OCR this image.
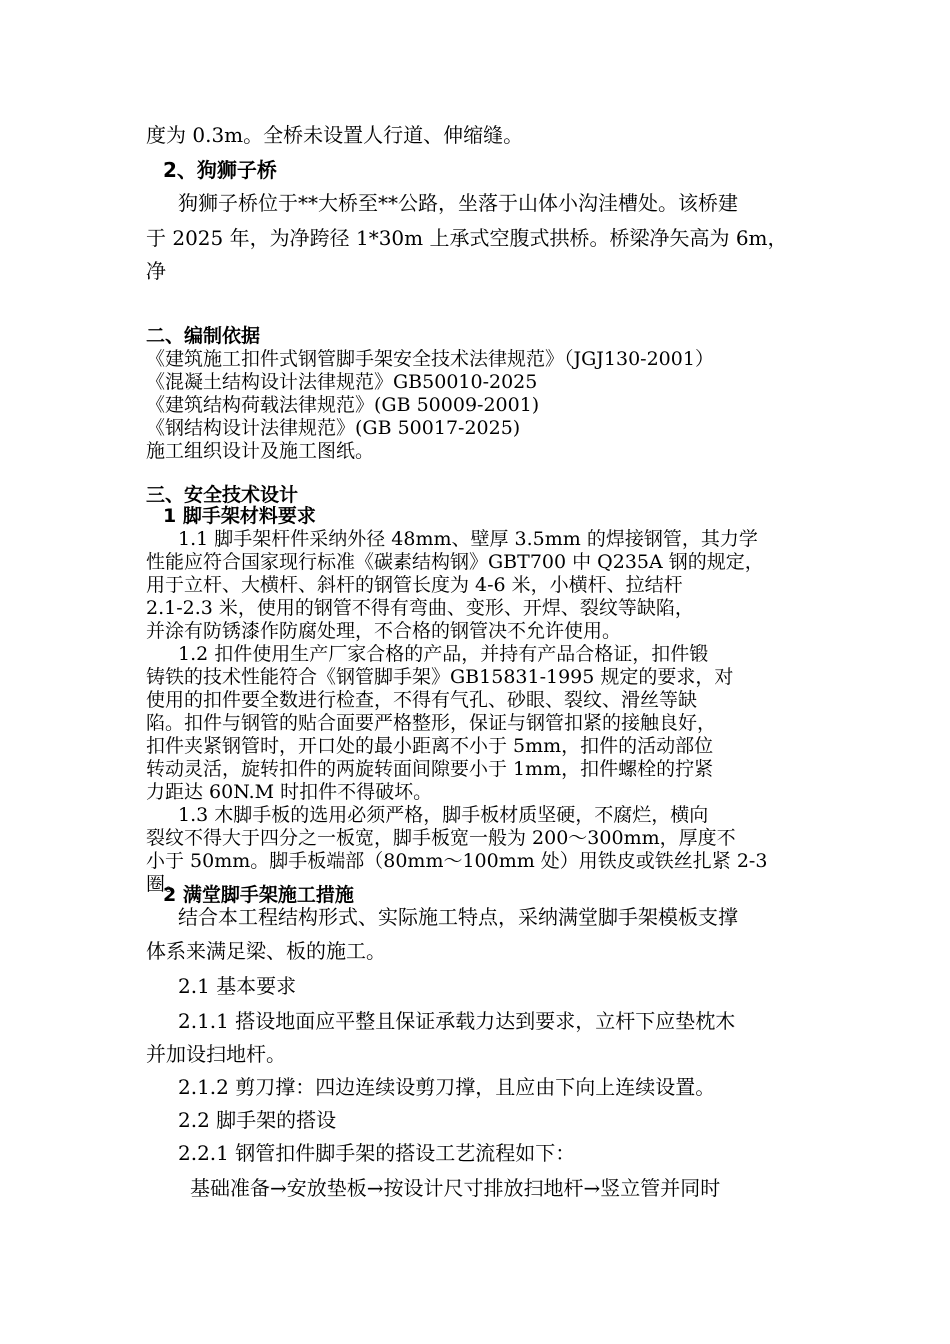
度为 0.3m。全桥未设置人行道、伸缩缝。
2、狗狮子桥
狗狮子桥位于**大桥至**公路，坐落于山体小沟洼槽处。该桥建
于 2025 年，为净跨径 1*30m 上承式空腹式拱桥。桥梁净矢高为 6m，
净
二、编制依据
《建筑施工扣件式钢管脚手架安全技术法律规范》（JGJ130-2001）
《混凝土结构设计法律规范》GB50010-2025
《建筑结构荷载法律规范》(GB 50009-2001)
《钢结构设计法律规范》(GB 50017-2025)
施工组织设计及施工图纸。
三、安全技术设计
1 脚手架材料要求
1.1 脚手架杆件采纳外径 48mm、壁厚 3.5mm 的焊接钢管，其力学
性能应符合国家现行标准《碳素结构钢》GBT700 中 Q235A 钢的规定，
用于立杆、大横杆、斜杆的钢管长度为 4-6 米，小横杆、拉结杆
2.1-2.3 米，使用的钢管不得有弯曲、变形、开焊、裂纹等缺陷，
并涂有防锈漆作防腐处理，不合格的钢管决不允许使用。
1.2 扣件使用生产厂家合格的产品，并持有产品合格证，扣件锻
铸铁的技术性能符合《钢管脚手架》GB15831-1995 规定的要求，对
使用的扣件要全数进行检查，不得有气孔、砂眼、裂纹、滑丝等缺
陷。扣件与钢管的贴合面要严格整形，保证与钢管扣紧的接触良好，
扣件夹紧钢管时，开口处的最小距离不小于 5mm，扣件的活动部位
转动灵活，旋转扣件的两旋转面间隙要小于 1mm，扣件螺栓的拧紧
力距达 60N.M 时扣件不得破坏。
1.3 木脚手板的选用必须严格，脚手板材质坚硬，不腐烂，横向
裂纹不得大于四分之一板宽，脚手板宽一般为 200～300mm，厚度不
小于 50mm。脚手板端部（80mm～100mm 处）用铁皮或铁丝扎紧 2-3
圈。
2 满堂脚手架施工措施
结合本工程结构形式、实际施工特点，采纳满堂脚手架模板支撑
体系来满足梁、板的施工。
2.1 基本要求
2.1.1 搭设地面应平整且保证承载力达到要求，立杆下应垫枕木
并加设扫地杆。
2.1.2 剪刀撑：四边连续设剪刀撑，且应由下向上连续设置。
2.2 脚手架的搭设
2.2.1 钢管扣件脚手架的搭设工艺流程如下：
基础准备→安放垫板→按设计尺寸排放扫地杆→竖立管并同时
